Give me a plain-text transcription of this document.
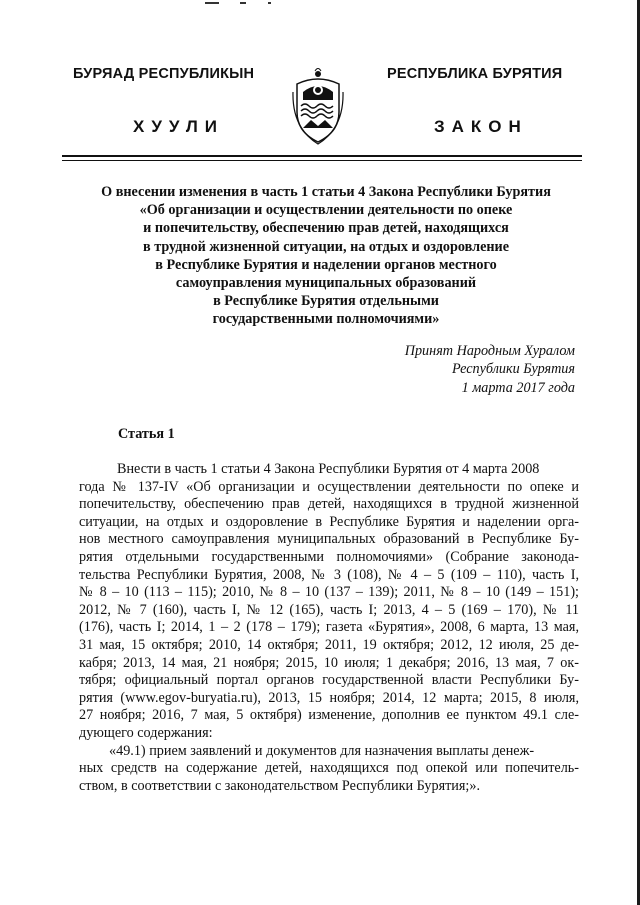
БУРЯАД РЕСПУБЛИКЫН	РЕСПУБЛИКА БУРЯТИЯ
ХУУЛИ	ЗАКОН
О внесении изменения в часть 1 статьи 4 Закона Республики Бурятия
«Об организации и осуществлении деятельности по опеке
и попечительству, обеспечению прав детей, находящихся
в трудной жизненной ситуации, на отдых и оздоровление
в Республике Бурятия и наделении органов местного
самоуправления муниципальных образований
в Республике Бурятия отдельными
государственными полномочиями»
Принят Народным Хуралом
Республики Бурятия
1 марта 2017 года
Статья 1
Внести в часть 1 статьи 4 Закона Республики Бурятия от 4 марта 2008
года № 137-IV «Об организации и осуществлении деятельности по опеке и
попечительству, обеспечению прав детей, находящихся в трудной жизненной
ситуации, на отдых и оздоровление в Республике Бурятия и наделении орга-
нов местного самоуправления муниципальных образований в Республике Бу-
рятия отдельными государственными полномочиями» (Собрание законода-
тельства Республики Бурятия, 2008, № 3 (108), № 4 – 5 (109 – 110), часть I,
№ 8 – 10 (113 – 115); 2010, № 8 – 10 (137 – 139); 2011, № 8 – 10 (149 – 151);
2012, № 7 (160), часть I, № 12 (165), часть I; 2013, 4 – 5 (169 – 170), № 11
(176), часть I; 2014, 1 – 2 (178 – 179); газета «Бурятия», 2008, 6 марта, 13 мая,
31 мая, 15 октября; 2010, 14 октября; 2011, 19 октября; 2012, 12 июля, 25 де-
кабря; 2013, 14 мая, 21 ноября; 2015, 10 июля; 1 декабря; 2016, 13 мая, 7 ок-
тября; официальный портал органов государственной власти Республики Бу-
рятия (www.egov-buryatia.ru), 2013, 15 ноября; 2014, 12 марта; 2015, 8 июля,
27 ноября; 2016, 7 мая, 5 октября) изменение, дополнив ее пунктом 49.1 сле-
дующего содержания:
«49.1) прием заявлений и документов для назначения выплаты денеж-
ных средств на содержание детей, находящихся под опекой или попечитель-
ством, в соответствии с законодательством Республики Бурятия;».
